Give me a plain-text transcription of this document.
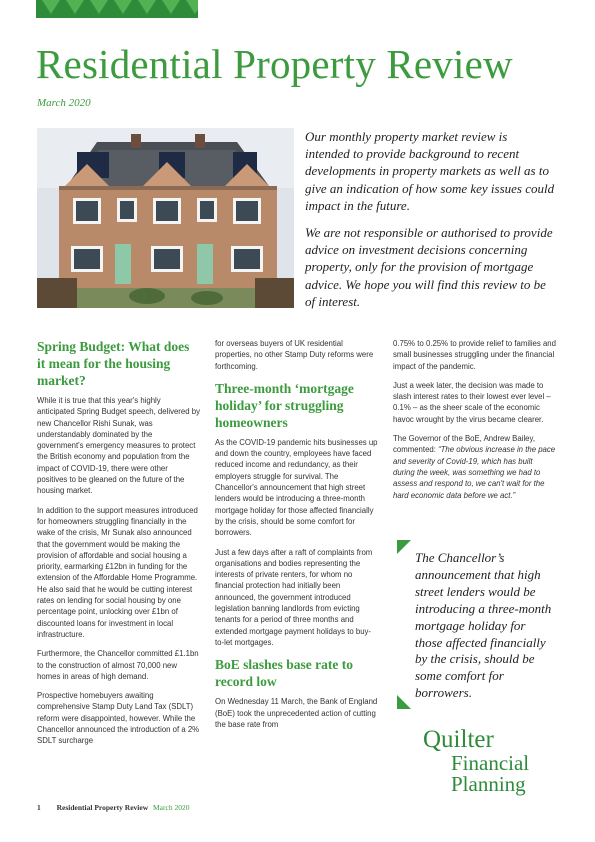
Residential Property Review
March 2020

Our monthly property market review is intended to provide background to recent developments in property markets as well as to give an indication of how some key issues could impact in the future.

We are not responsible or authorised to provide advice on investment decisions concerning property, only for the provision of mortgage advice. We hope you will find this review to be of interest.

Spring Budget: What does it mean for the housing market?

While it is true that this year's highly anticipated Spring Budget speech, delivered by new Chancellor Rishi Sunak, was understandably dominated by the government's emergency measures to protect the British economy and population from the impact of COVID-19, there were other positives to be gleaned on the future of the housing market.

In addition to the support measures introduced for homeowners struggling financially in the wake of the crisis, Mr Sunak also announced that the government would be making the provision of affordable and social housing a priority, earmarking £12bn in funding for the extension of the Affordable Home Programme. He also said that he would be cutting interest rates on lending for social housing by one percentage point, unlocking over £1bn of discounted loans for investment in local infrastructure.

Furthermore, the Chancellor committed £1.1bn to the construction of almost 70,000 new homes in areas of high demand.

Prospective homebuyers awaiting comprehensive Stamp Duty Land Tax (SDLT) reform were disappointed, however. While the Chancellor announced the introduction of a 2% SDLT surcharge

for overseas buyers of UK residential properties, no other Stamp Duty reforms were forthcoming.

Three-month ‘mortgage holiday’ for struggling homeowners

As the COVID-19 pandemic hits businesses up and down the country, employees have faced reduced income and redundancy, as their employers struggle for survival. The Chancellor's announcement that high street lenders would be introducing a three-month mortgage holiday for those affected financially by the crisis, should be some comfort for borrowers.

Just a few days after a raft of complaints from organisations and bodies representing the interests of private renters, for whom no financial protection had initially been announced, the government introduced legislation banning landlords from evicting tenants for a period of three months and extended mortgage payment holidays to buy-to-let mortgages.

BoE slashes base rate to record low

On Wednesday 11 March, the Bank of England (BoE) took the unprecedented action of cutting the base rate from

0.75% to 0.25% to provide relief to families and small businesses struggling under the financial impact of the pandemic.

Just a week later, the decision was made to slash interest rates to their lowest ever level – 0.1% – as the sheer scale of the economic havoc wrought by the virus became clearer.

The Governor of the BoE, Andrew Bailey, commented: “The obvious increase in the pace and severity of Covid-19, which has built during the week, was something we had to assess and respond to, we can't wait for the hard economic data before we act.”

The Chancellor’s announcement that high street lenders would be introducing a three-month mortgage holiday for those affected financially by the crisis, should be some comfort for borrowers.
Quilter
Financial
Planning
1 Residential Property Review March 2020
